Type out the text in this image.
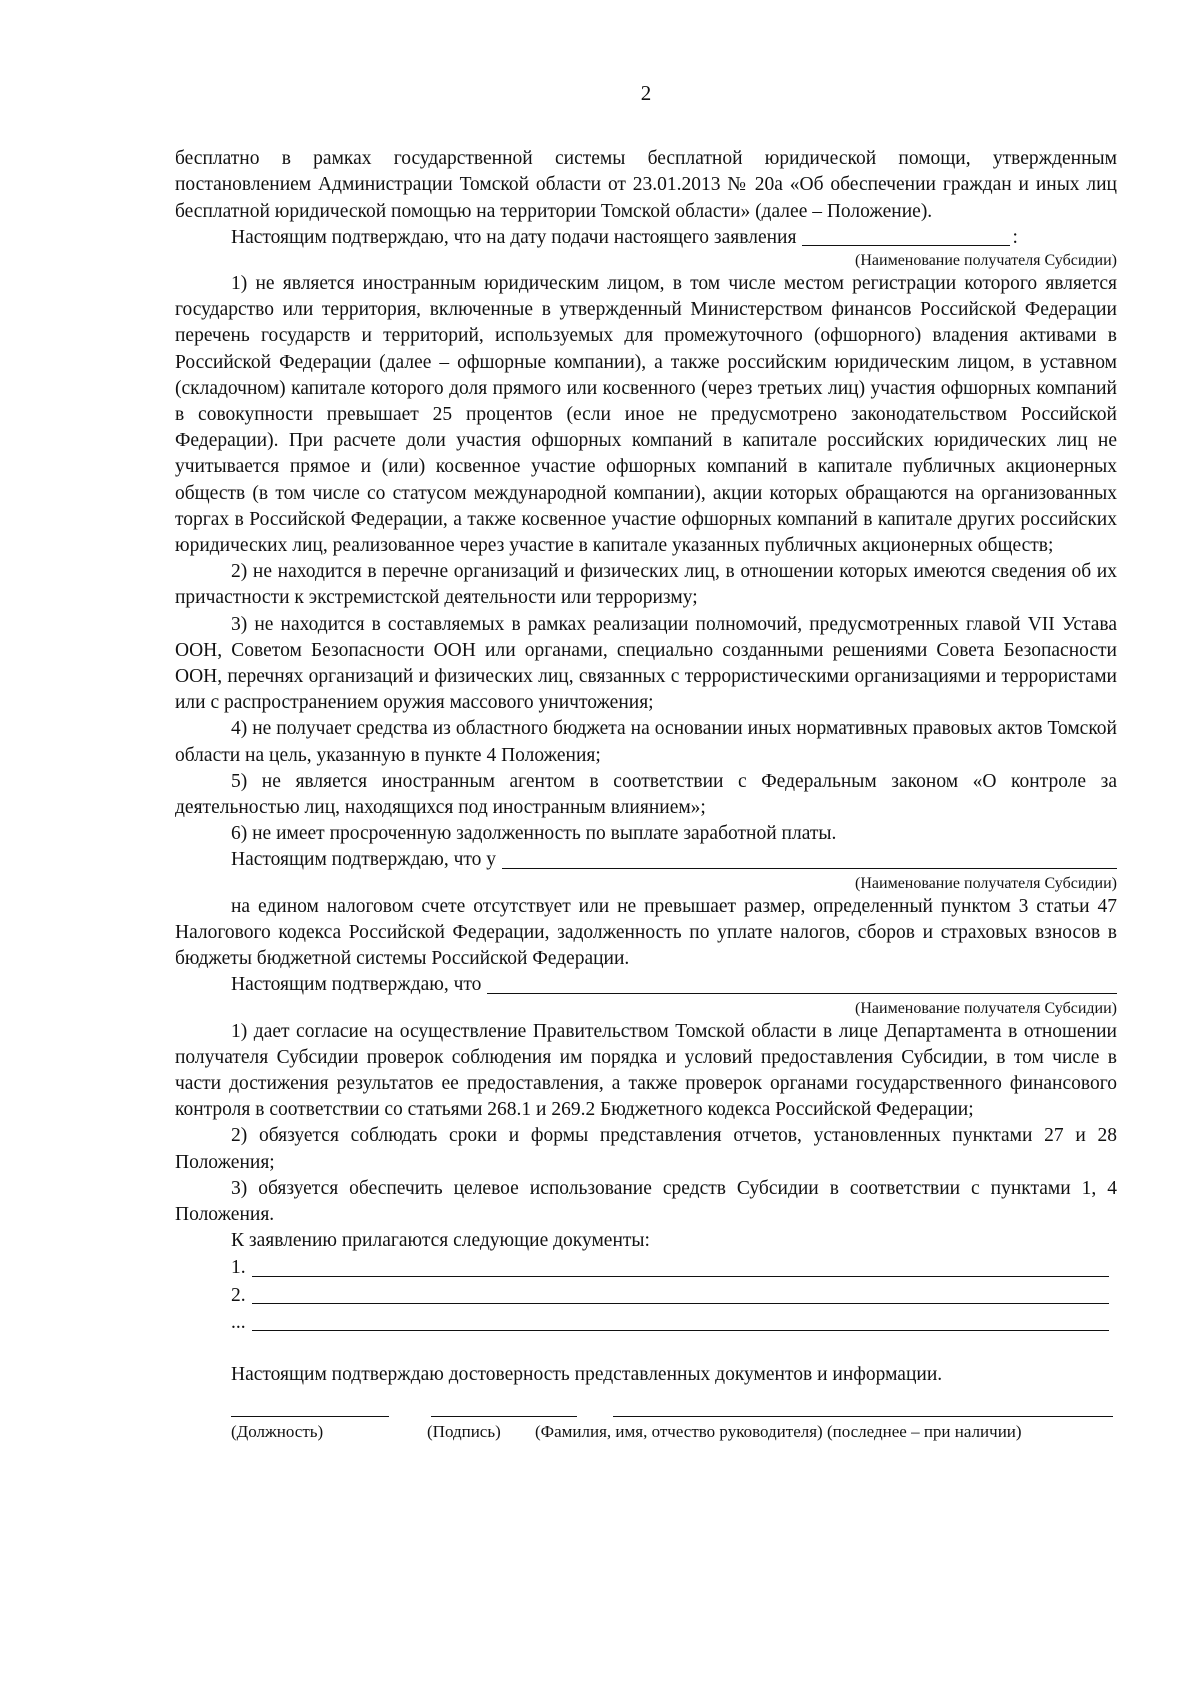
2

бесплатно в рамках государственной системы бесплатной юридической помощи, утвержденным постановлением Администрации Томской области от 23.01.2013 № 20а «Об обеспечении граждан и иных лиц бесплатной юридической помощью на территории Томской области» (далее – Положение).

Настоящим подтверждаю, что на дату подачи настоящего заявления	:
(Наименование получателя Субсидии)

1) не является иностранным юридическим лицом, в том числе местом регистрации которого является государство или территория, включенные в утвержденный Министерством финансов Российской Федерации перечень государств и территорий, используемых для промежуточного (офшорного) владения активами в Российской Федерации (далее – офшорные компании), а также российским юридическим лицом, в уставном (складочном) капитале которого доля прямого или косвенного (через третьих лиц) участия офшорных компаний в совокупности превышает 25 процентов (если иное не предусмотрено законодательством Российской Федерации). При расчете доли участия офшорных компаний в капитале российских юридических лиц не учитывается прямое и (или) косвенное участие офшорных компаний в капитале публичных акционерных обществ (в том числе со статусом международной компании), акции которых обращаются на организованных торгах в Российской Федерации, а также косвенное участие офшорных компаний в капитале других российских юридических лиц, реализованное через участие в капитале указанных публичных акционерных обществ;

2) не находится в перечне организаций и физических лиц, в отношении которых имеются сведения об их причастности к экстремистской деятельности или терроризму;

3) не находится в составляемых в рамках реализации полномочий, предусмотренных главой VII Устава ООН, Советом Безопасности ООН или органами, специально созданными решениями Совета Безопасности ООН, перечнях организаций и физических лиц, связанных с террористическими организациями и террористами или с распространением оружия массового уничтожения;

4) не получает средства из областного бюджета на основании иных нормативных правовых актов Томской области на цель, указанную в пункте 4 Положения;

5) не является иностранным агентом в соответствии с Федеральным законом «О контроле за деятельностью лиц, находящихся под иностранным влиянием»;

6) не имеет просроченную задолженность по выплате заработной платы.

Настоящим подтверждаю, что у
(Наименование получателя Субсидии)

на едином налоговом счете отсутствует или не превышает размер, определенный пунктом 3 статьи 47 Налогового кодекса Российской Федерации, задолженность по уплате налогов, сборов и страховых взносов в бюджеты бюджетной системы Российской Федерации.

Настоящим подтверждаю, что
(Наименование получателя Субсидии)

1) дает согласие на осуществление Правительством Томской области в лице Департамента в отношении получателя Субсидии проверок соблюдения им порядка и условий предоставления Субсидии, в том числе в части достижения результатов ее предоставления, а также проверок органами государственного финансового контроля в соответствии со статьями 268.1 и 269.2 Бюджетного кодекса Российской Федерации;

2) обязуется соблюдать сроки и формы представления отчетов, установленных пунктами 27 и 28 Положения;

3) обязуется обеспечить целевое использование средств Субсидии в соответствии с пунктами 1, 4 Положения.

К заявлению прилагаются следующие документы:

1.
2.
...

Настоящим подтверждаю достоверность представленных документов и информации.

(Должность)	(Подпись)	(Фамилия, имя, отчество руководителя) (последнее – при наличии)
